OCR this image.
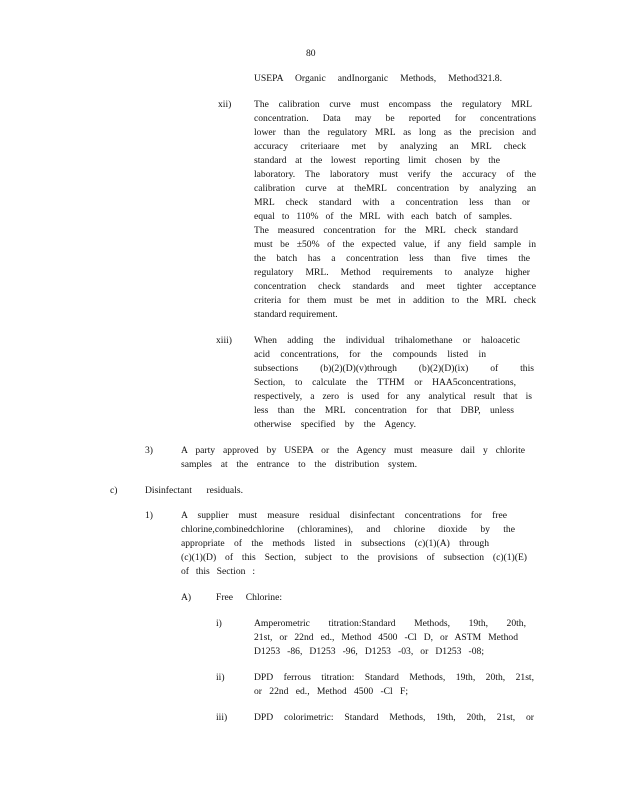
80
USEPA Organic andInorganic Methods, Method321.8.
xii) The calibration curve must encompass the regulatory MRL
concentration. Data may be reported for concentrations
lower than the regulatory MRL as long as the precision and
accuracy criteriaare met by analyzing an MRL check
standard at the lowest reporting limit chosen by the
laboratory. The laboratory must verify the accuracy of the
calibration curve at theMRL concentration by analyzing an
MRL check standard with a concentration less than or
equal to 110% of the MRL with each batch of samples.
The measured concentration for the MRL check standard
must be ±50% of the expected value, if any field sample in
the batch has a concentration less than five times the
regulatory MRL. Method requirements to analyze higher
concentration check standards and meet tighter acceptance
criteria for them must be met in addition to the MRL check
standard requirement.
xiii) When adding the individual trihalomethane or haloacetic
acid concentrations, for the compounds listed in
subsections (b)(2)(D)(v)through (b)(2)(D)(ix) of this
Section, to calculate the TTHM or HAA5concentrations,
respectively, a zero is used for any analytical result that is
less than the MRL concentration for that DBP, unless
otherwise specified by the Agency.
3)	A party approved by USEPA or the Agency must measure dail y chlorite
samples at the entrance to the distribution system.
c)	Disinfectant residuals.
1)	A supplier must measure residual disinfectant concentrations for free
chlorine,combinedchlorine (chloramines), and chlorine dioxide by the
appropriate of the methods listed in subsections (c)(1)(A) through
(c)(1)(D) of this Section, subject to the provisions of subsection (c)(1)(E)
of this Section :
A)	Free Chlorine:
i)	Amperometric titration:Standard Methods, 19th, 20th,
21st, or 22nd ed., Method 4500 -Cl D, or ASTM Method
D1253 -86, D1253 -96, D1253 -03, or D1253 -08;
ii)	DPD ferrous titration: Standard Methods, 19th, 20th, 21st,
or 22nd ed., Method 4500 -Cl F;
iii)	DPD colorimetric: Standard Methods, 19th, 20th, 21st, or
